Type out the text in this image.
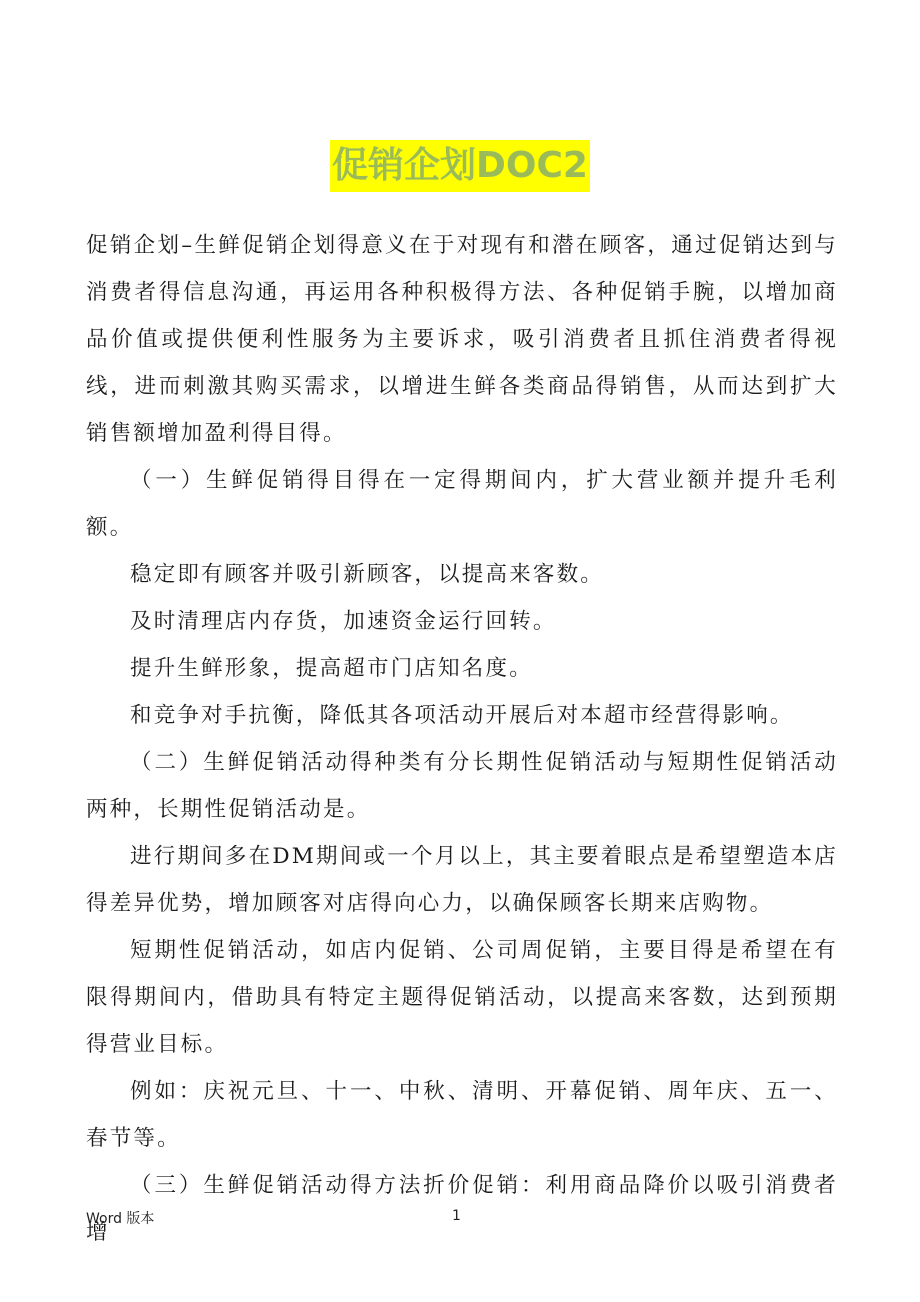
促销企划DOC2

促销企划–生鲜促销企划得意义在于对现有和潜在顾客，通过促销达到与消费者得信息沟通，再运用各种积极得方法、各种促销手腕，以增加商品价值或提供便利性服务为主要诉求，吸引消费者且抓住消费者得视线，进而刺激其购买需求，以增进生鲜各类商品得销售，从而达到扩大销售额增加盈利得目得。

（一）生鲜促销得目得在一定得期间内，扩大营业额并提升毛利额。

稳定即有顾客并吸引新顾客，以提高来客数。

及时清理店内存货，加速资金运行回转。

提升生鲜形象，提高超市门店知名度。

和竞争对手抗衡，降低其各项活动开展后对本超市经营得影响。

（二）生鲜促销活动得种类有分长期性促销活动与短期性促销活动两种，长期性促销活动是。

进行期间多在DM期间或一个月以上，其主要着眼点是希望塑造本店得差异优势，增加顾客对店得向心力，以确保顾客长期来店购物。

短期性促销活动，如店内促销、公司周促销，主要目得是希望在有限得期间内，借助具有特定主题得促销活动，以提高来客数，达到预期得营业目标。

例如：庆祝元旦、十一、中秋、清明、开幕促销、周年庆、五一、春节等。

（三）生鲜促销活动得方法折价促销：利用商品降价以吸引消费者增

Word 版本	1
